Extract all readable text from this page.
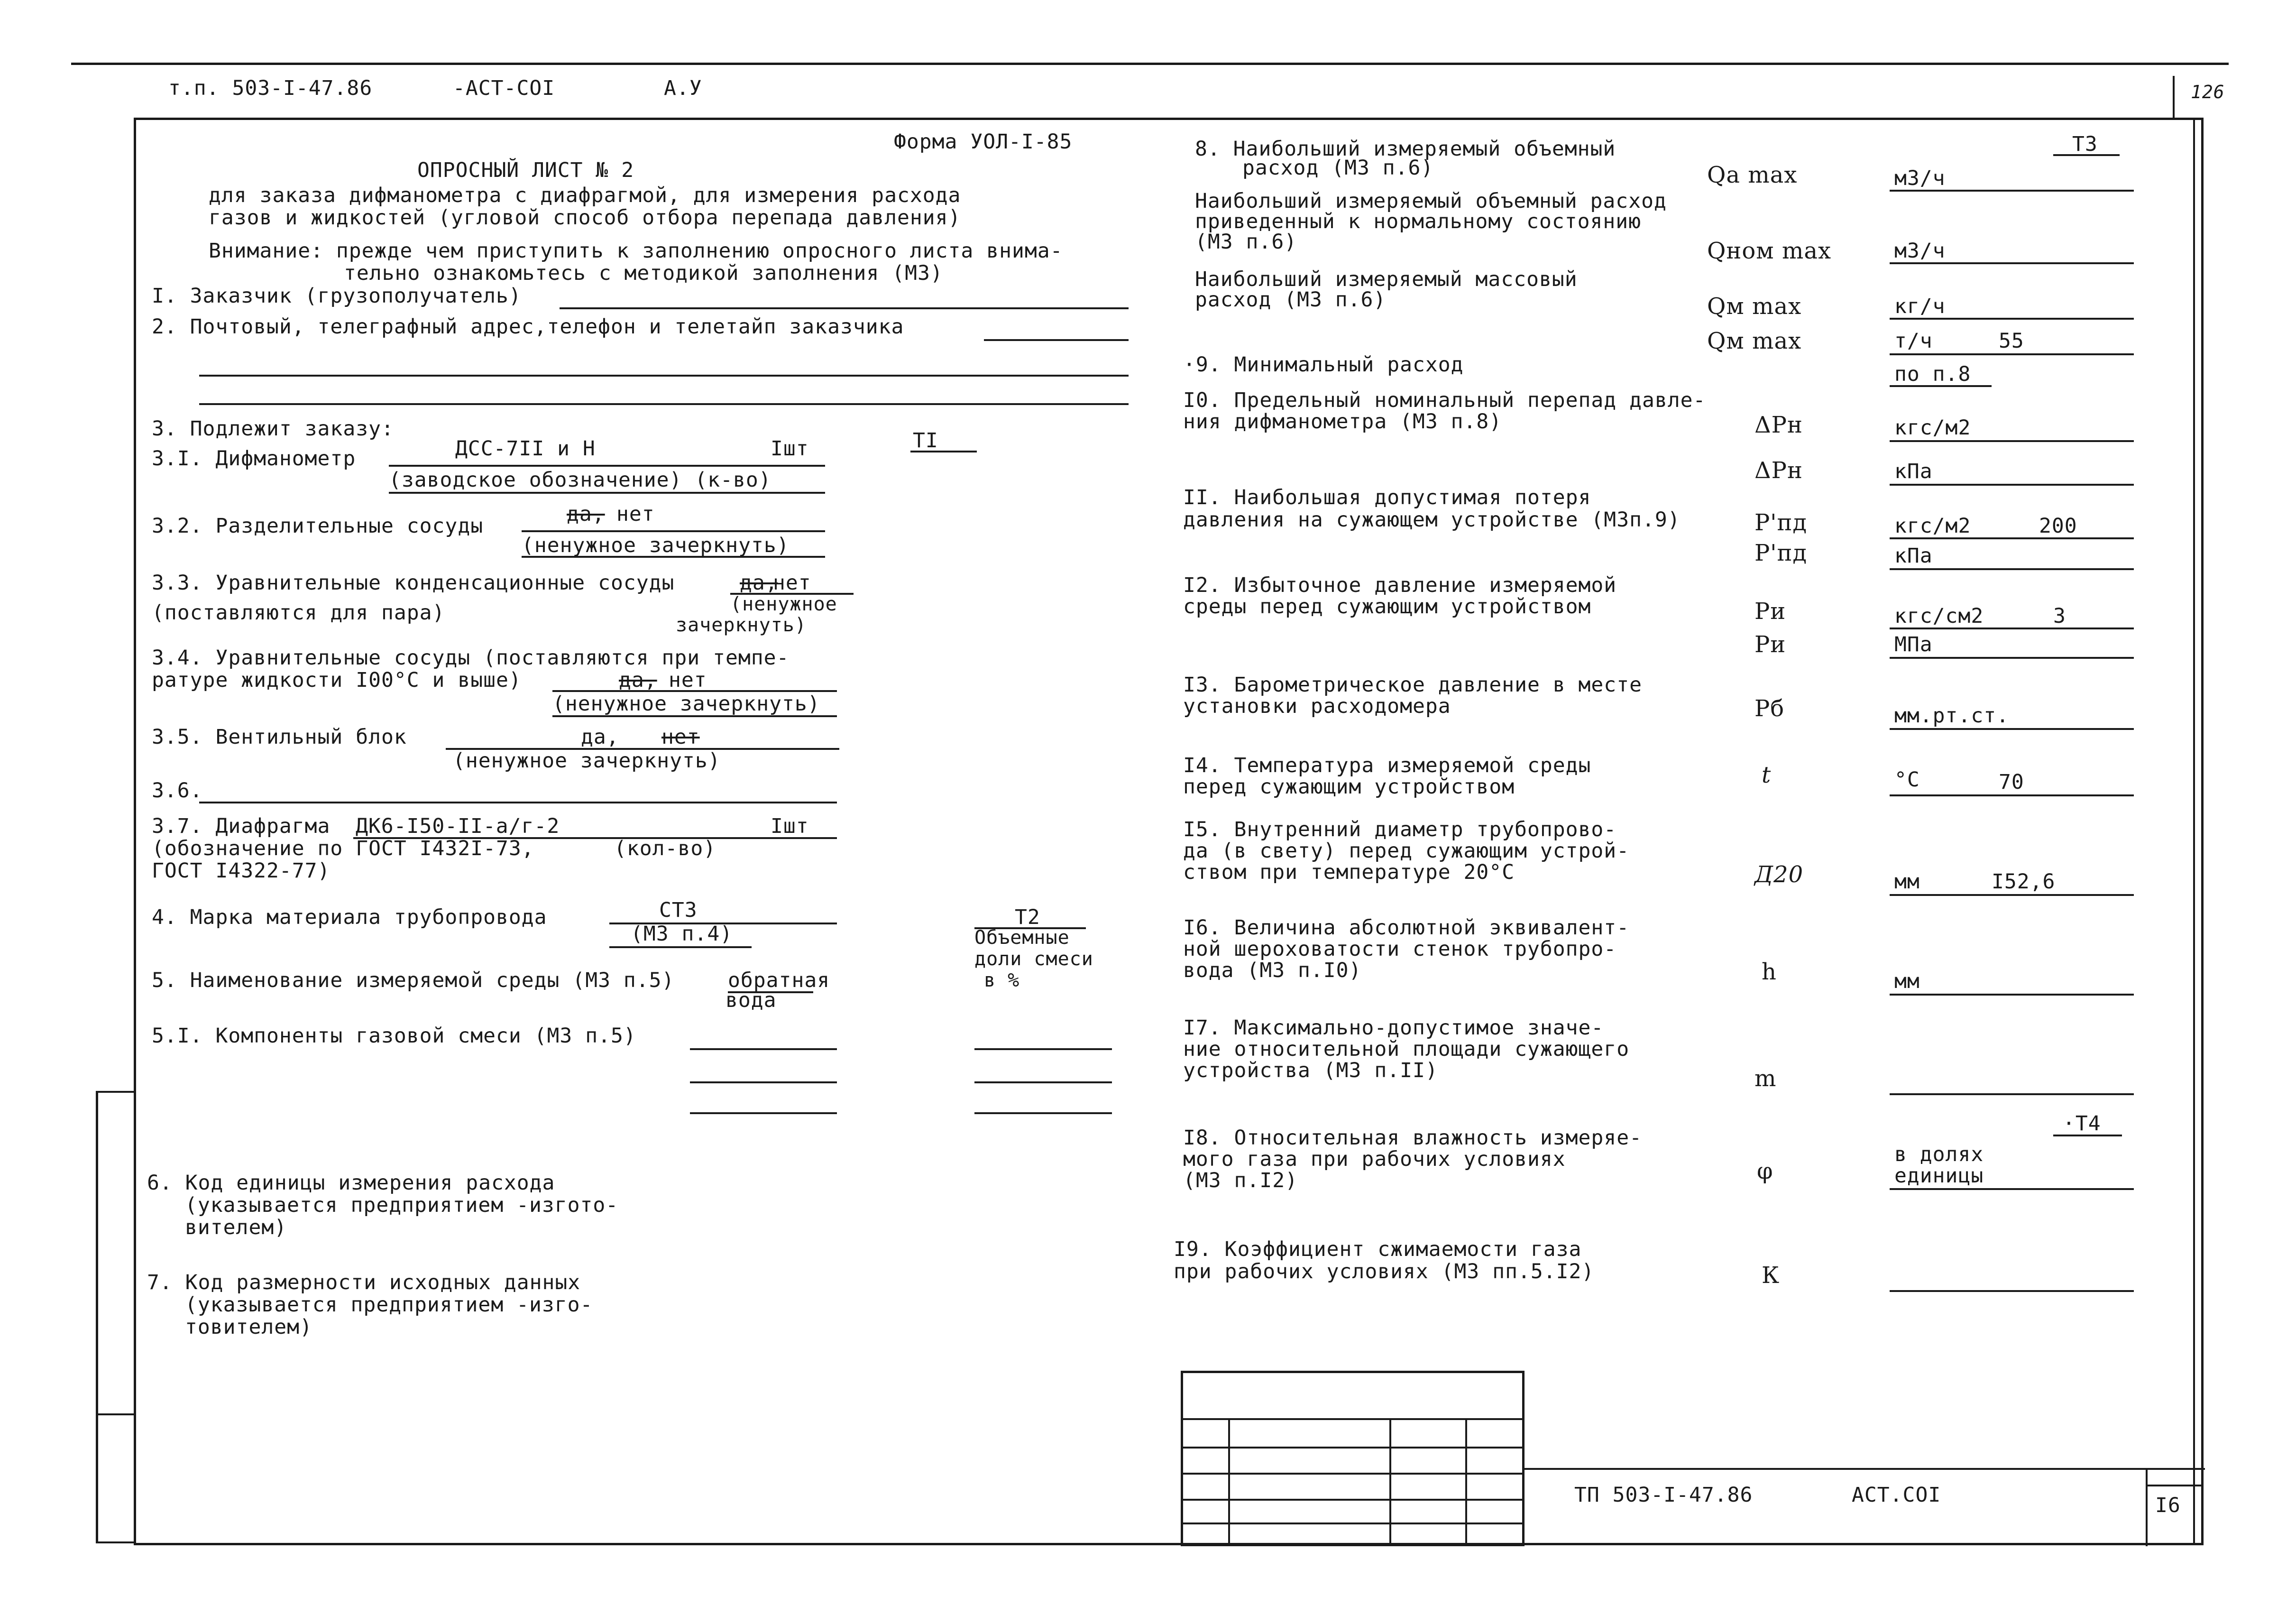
т.п. 503-I-47.86	-АСТ-СОI	А.У	126
Форма УОЛ-I-85
ОПРОСНЫЙ ЛИСТ № 2
для заказа дифманометра с диафрагмой, для измерения расхода
газов и жидкостей (угловой способ отбора перепада давления)
Внимание: прежде чем приступить к заполнению опросного листа внима-
тельно ознакомьтесь с методикой заполнения (МЗ)
I. Заказчик (грузополучатель)
2. Почтовый, телеграфный адрес,телефон и телетайп заказчика
3. Подлежит заказу:
3.I. Дифманометр	ДСС-7II и Н	Iшт	TI
(заводское обозначение) (к-во)
3.2. Разделительные сосуды	да, нет
(ненужное зачеркнуть)
3.3. Уравнительные конденсационные сосуды	да,
нет
(поставляются для пара)	(ненужное
зачеркнуть)
3.4. Уравнительные сосуды (поставляются при темпе-
ратуре жидкости I00°С и выше)	да, нет
(ненужное зачеркнуть)
3.5. Вентильный блок	да, нет
(ненужное зачеркнуть)
3.6.
3.7. Диафрагма ДК6-I50-II-а/г-2	Iшт
(обозначение по ГОСТ I432I-73,	(кол-во)
ГОСТ I4322-77)
4. Марка материала трубопровода	СТ3
(МЗ п.4)
Т2
Объемные
доли смеси
в %
5. Наименование измеряемой среды (МЗ п.5)	обратная
вода
5.I. Компоненты газовой смеси (МЗ п.5)
6. Код единицы измерения расхода
(указывается предприятием -изгото-
вителем)
7. Код размерности исходных данных
(указывается предприятием -изго-
товителем)
Т3
8. Наибольший измеряемый объемный
расход (МЗ п.6)	Qa max	м3/ч
Наибольший измеряемый объемный расход
приведенный к нормальному состоянию
(МЗ п.6)	Qном max	м3/ч
Наибольший измеряемый массовый
расход (МЗ п.6)	Qм max	кг/ч
Qм max	т/ч	55
·9. Минимальный расход	по п.8
I0. Предельный номинальный перепад давле-
ния дифманометра (МЗ п.8)	ΔPн	кгс/м2
ΔPн	кПа
II. Наибольшая допустимая потеря
давления на сужающем устройстве (МЗп.9)	P'пд	кгс/м2	200
P'пд	кПа
I2. Избыточное давление измеряемой
среды перед сужающим устройством	Pи	кгс/см2	3
Pи	МПа
I3. Барометрическое давление в месте
установки расходомера	Pб	мм.рт.ст.
I4. Температура измеряемой среды
перед сужающим устройством	t	°С	70
I5. Внутренний диаметр трубопрово-
да (в свету) перед сужающим устрой-
ством при температуре 20°С	Д20	мм	I52,6
I6. Величина абсолютной эквивалент-
ной шероховатости стенок трубопро-
вода (МЗ п.I0)	h	мм
I7. Максимально-допустимое значе-
ние относительной площади сужающего
устройства (МЗ п.II)	m
·Т4
I8. Относительная влажность измеряе-
мого газа при рабочих условиях
(МЗ п.I2)	φ
в долях
единицы
I9. Коэффициент сжимаемости газа
при рабочих условиях (МЗ пп.5.I2)	К
ТП 503-I-47.86	АСТ.СОI	I6
